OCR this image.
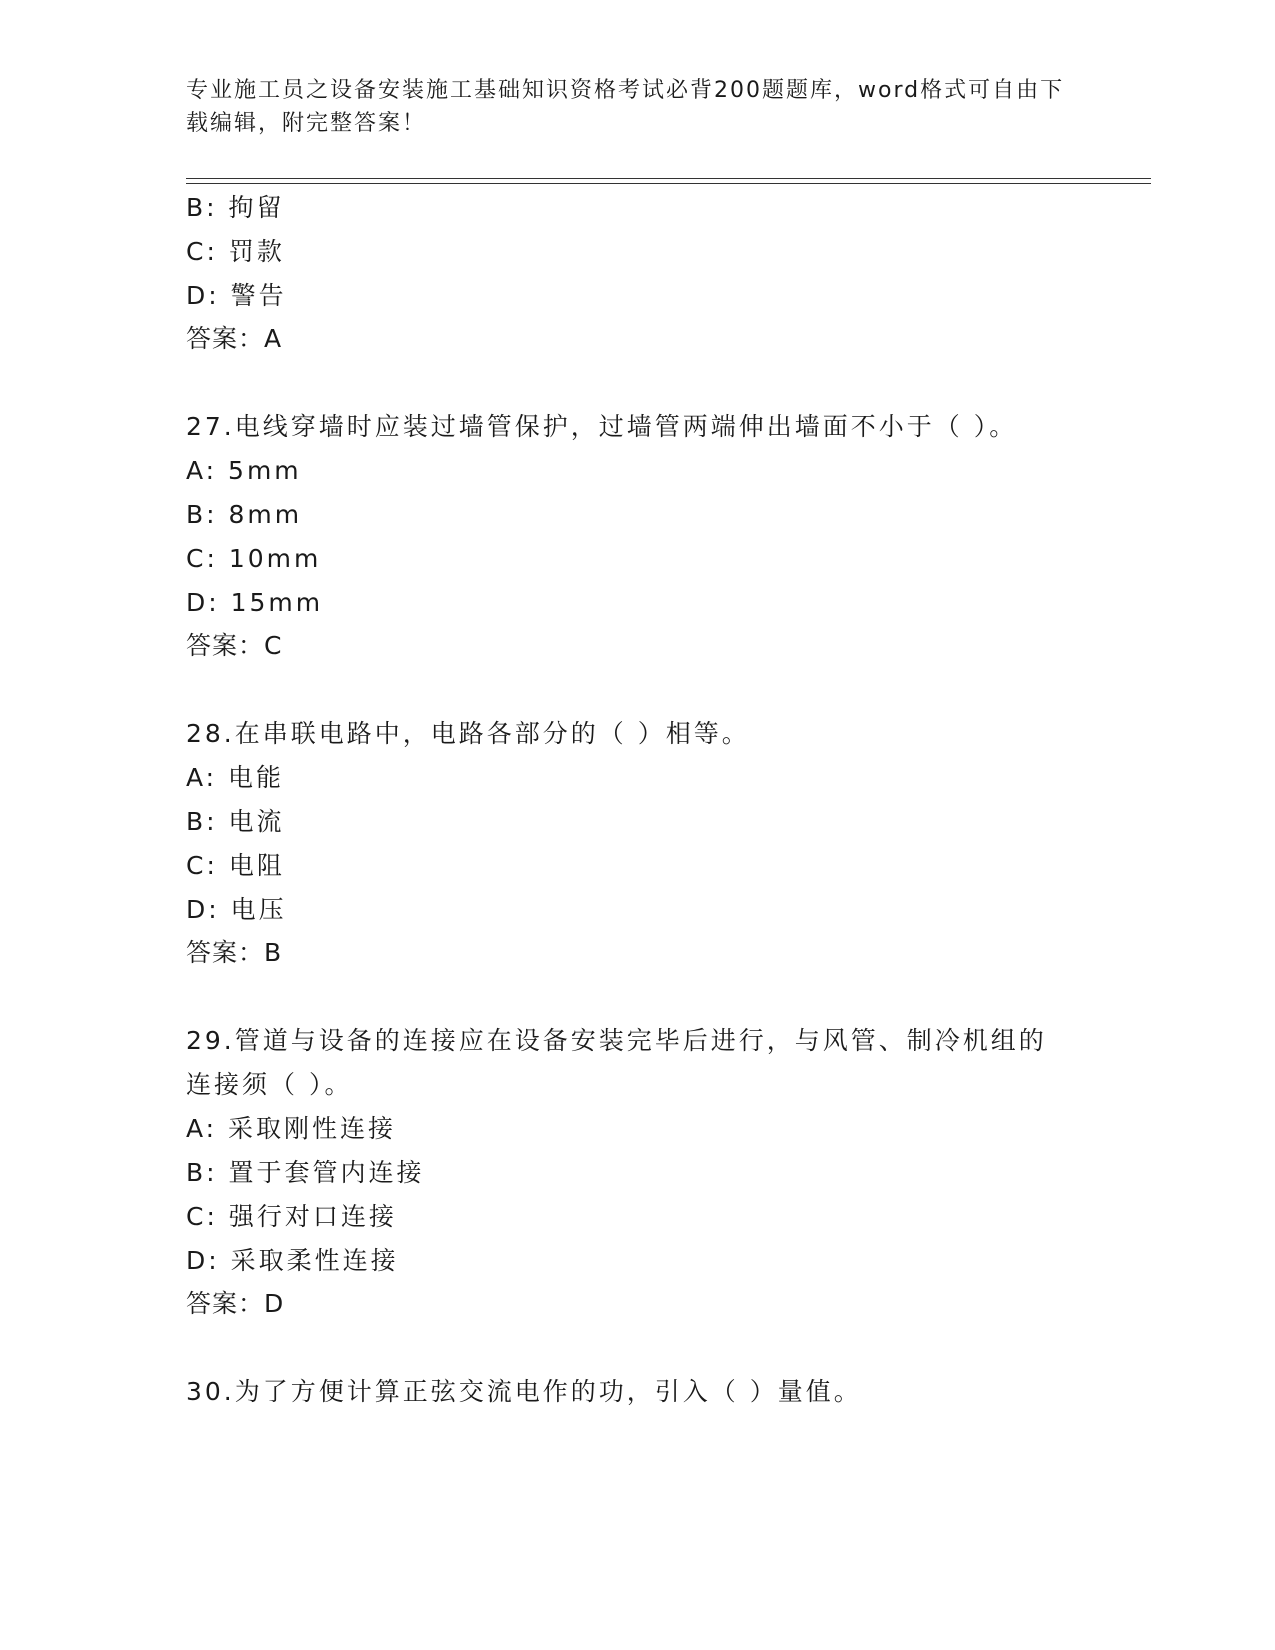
专业施工员之设备安装施工基础知识资格考试必背200题题库，word格式可自由下载编辑，附完整答案！
B: 拘留
C: 罚款
D: 警告
答案：A
27.电线穿墙时应装过墙管保护，过墙管两端伸出墙面不小于（ ）。
A: 5mm
B: 8mm
C: 10mm
D: 15mm
答案：C
28.在串联电路中，电路各部分的（ ）相等。
A: 电能
B: 电流
C: 电阻
D: 电压
答案：B
29.管道与设备的连接应在设备安装完毕后进行，与风管、制冷机组的
连接须（ ）。
A: 采取刚性连接
B: 置于套管内连接
C: 强行对口连接
D: 采取柔性连接
答案：D
30.为了方便计算正弦交流电作的功，引入（ ）量值。
